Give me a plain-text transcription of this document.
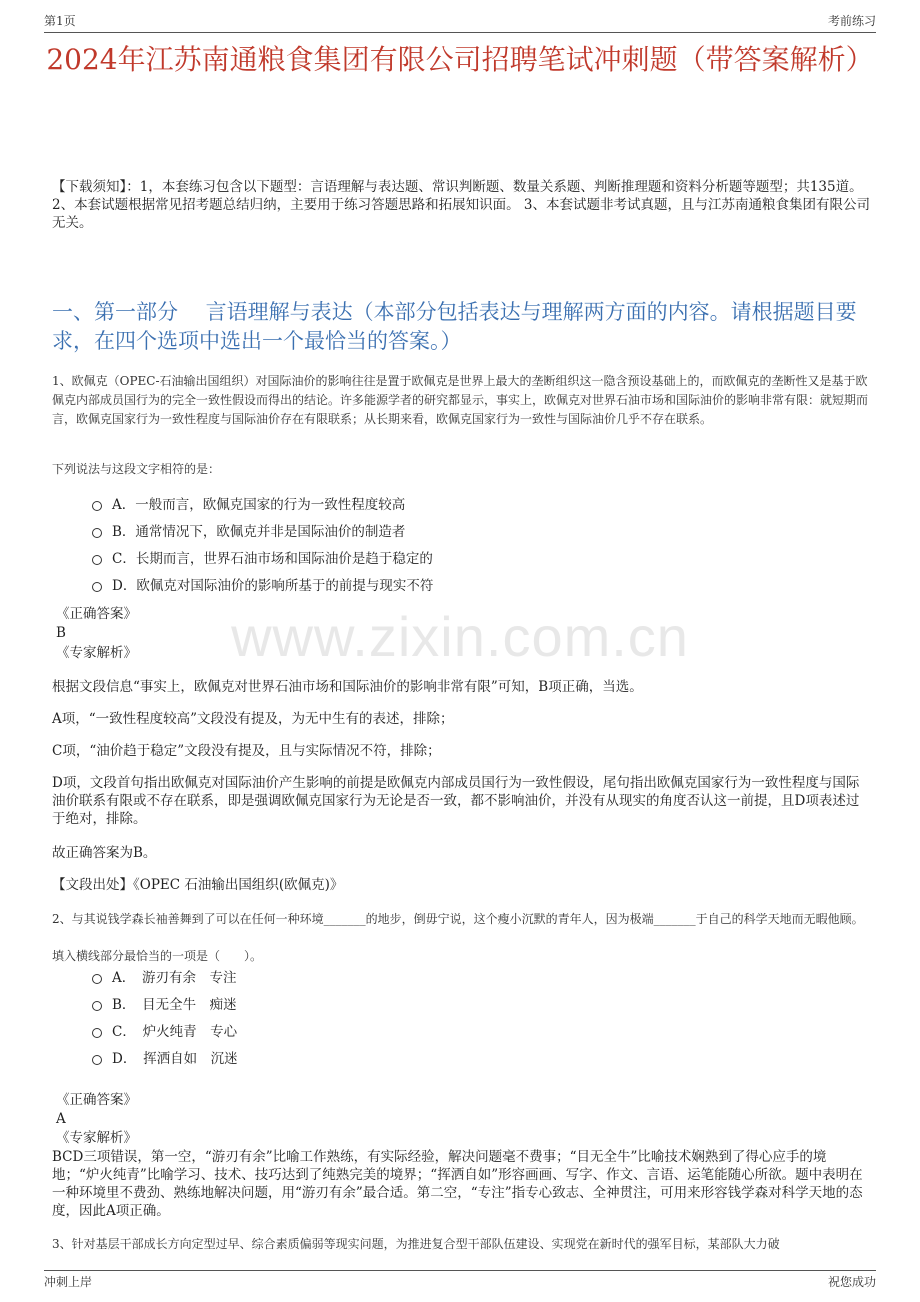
第1页	考前练习
2024年江苏南通粮食集团有限公司招聘笔试冲刺题（带答案解析）
【下载须知】：1，本套练习包含以下题型：言语理解与表达题、常识判断题、数量关系题、判断推理题和资料分析题等题型；共135道。 2、本套试题根据常见招考题总结归纳，主要用于练习答题思路和拓展知识面。 3、本套试题非考试真题，且与江苏南通粮食集团有限公司无关。
一、第一部分　 言语理解与表达（本部分包括表达与理解两方面的内容。请根据题目要求，在四个选项中选出一个最恰当的答案。）
www.zixin.com.cn
1、欧佩克（OPEC-石油输出国组织）对国际油价的影响往往是置于欧佩克是世界上最大的垄断组织这一隐含预设基础上的，而欧佩克的垄断性又是基于欧佩克内部成员国行为的完全一致性假设而得出的结论。许多能源学者的研究都显示，事实上，欧佩克对世界石油市场和国际油价的影响非常有限：就短期而言，欧佩克国家行为一致性程度与国际油价存在有限联系；从长期来看，欧佩克国家行为一致性与国际油价几乎不存在联系。
下列说法与这段文字相符的是：
A．一般而言，欧佩克国家的行为一致性程度较高
B．通常情况下，欧佩克并非是国际油价的制造者
C．长期而言，世界石油市场和国际油价是趋于稳定的
D．欧佩克对国际油价的影响所基于的前提与现实不符
《正确答案》
B
《专家解析》
根据文段信息“事实上，欧佩克对世界石油市场和国际油价的影响非常有限”可知，B项正确，当选。
A项，“一致性程度较高”文段没有提及，为无中生有的表述，排除；
C项，“油价趋于稳定”文段没有提及，且与实际情况不符，排除；
D项，文段首句指出欧佩克对国际油价产生影响的前提是欧佩克内部成员国行为一致性假设，尾句指出欧佩克国家行为一致性程度与国际油价联系有限或不存在联系，即是强调欧佩克国家行为无论是否一致，都不影响油价，并没有从现实的角度否认这一前提，且D项表述过于绝对，排除。
故正确答案为B。
【文段出处】《OPEC 石油输出国组织(欧佩克)》
2、与其说钱学森长袖善舞到了可以在任何一种环境_______的地步，倒毋宁说，这个瘦小沉默的青年人，因为极端_______于自己的科学天地而无暇他顾。
填入横线部分最恰当的一项是（　　）。
A．　游刃有余　专注
B．　目无全牛　痴迷
C．　炉火纯青　专心
D．　挥洒自如　沉迷
《正确答案》
A
《专家解析》
BCD三项错误，第一空，“游刃有余”比喻工作熟练，有实际经验，解决问题毫不费事；“目无全牛”比喻技术娴熟到了得心应手的境地；“炉火纯青”比喻学习、技术、技巧达到了纯熟完美的境界；“挥洒自如”形容画画、写字、作文、言语、运笔能随心所欲。题中表明在一种环境里不费劲、熟练地解决问题，用“游刃有余”最合适。第二空，“专注”指专心致志、全神贯注，可用来形容钱学森对科学天地的态度，因此A项正确。
3、针对基层干部成长方向定型过早、综合素质偏弱等现实问题，为推进复合型干部队伍建设、实现党在新时代的强军目标，某部队大力破
冲刺上岸	祝您成功
